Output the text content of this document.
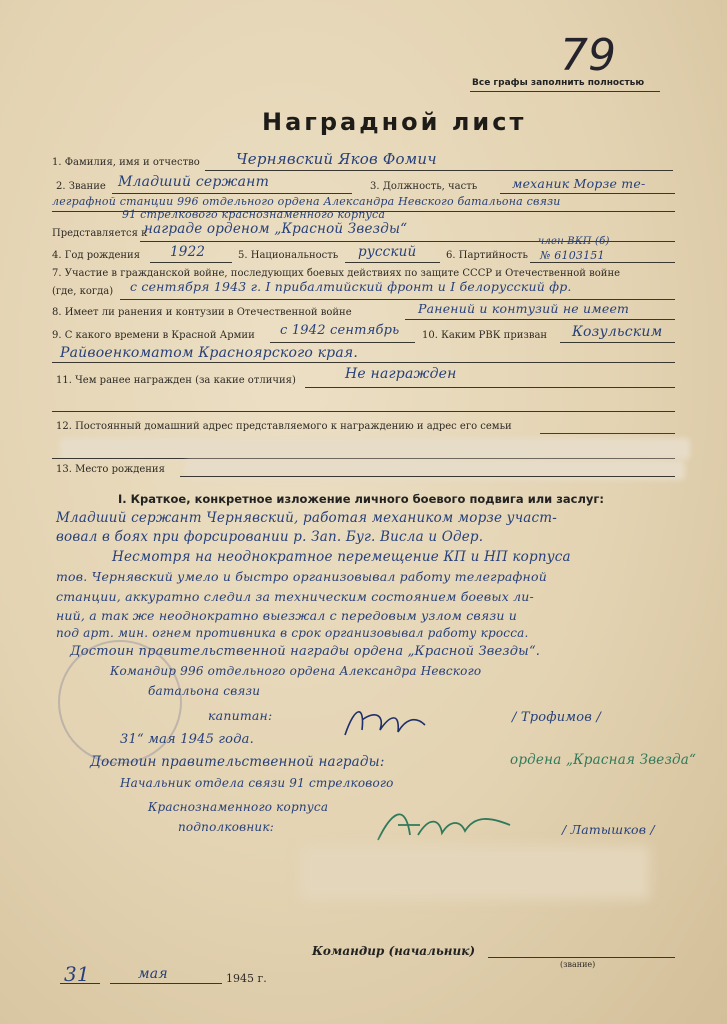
79
Все графы заполнить полностью
Наградной лист
1. Фамилия, имя и отчество Чернявский Яков Фомич
2. Звание Младший сержант	3. Должность, часть	механик Морзе те-
леграфной станции 996 отдельного ордена Александра Невского батальона связи
91 стрелкового краснознаменного корпуса
Представляется к
награде орденом „Красной Звезды“
4. Год рождения 1922	5. Национальность русский	6. Партийность
член ВКП (б)
№ 6103151
7. Участие в гражданской войне, последующих боевых действиях по защите СССР и Отечественной войне
(где, когда) с сентября 1943 г. I прибалтийский фронт и I белорусский фр.
8. Имеет ли ранения и контузии в Отечественной войне	Ранений и контузий не имеет
9. С какого времени в Красной Армии с 1942 сентябрь 10. Каким РВК призван Козульским
Райвоенкоматом Красноярского края.
11. Чем ранее награжден (за какие отличия)	Не награжден
12. Постоянный домашний адрес представляемого к награждению и адрес его семьи
13. Место рождения
I. Краткое, конкретное изложение личного боевого подвига или заслуг:
Младший сержант Чернявский, работая механиком морзе участ-
вовал в боях при форсировании р. Зап. Буг. Висла и Одер.
Несмотря на неоднократное перемещение КП и НП корпуса
тов. Чернявский умело и быстро организовывал работу телеграфной
станции, аккуратно следил за техническим состоянием боевых ли-
ний, а так же неоднократно выезжал с передовым узлом связи и
под арт. мин. огнем противника в срок организовывал работу кросса.
Достоин правительственной награды ордена „Красной Звезды“.
Командир 996 отдельного ордена Александра Невского
батальона связи
капитан:	/ Трофимов /
31“ мая 1945 года.
Достоин правительственной награды:	ордена „Красная Звезда“
Начальник отдела связи 91 стрелкового
Краснознаменного корпуса
подполковник:	/ Латышков /
Командир (начальник)
(звание)
31	мая	1945 г.
